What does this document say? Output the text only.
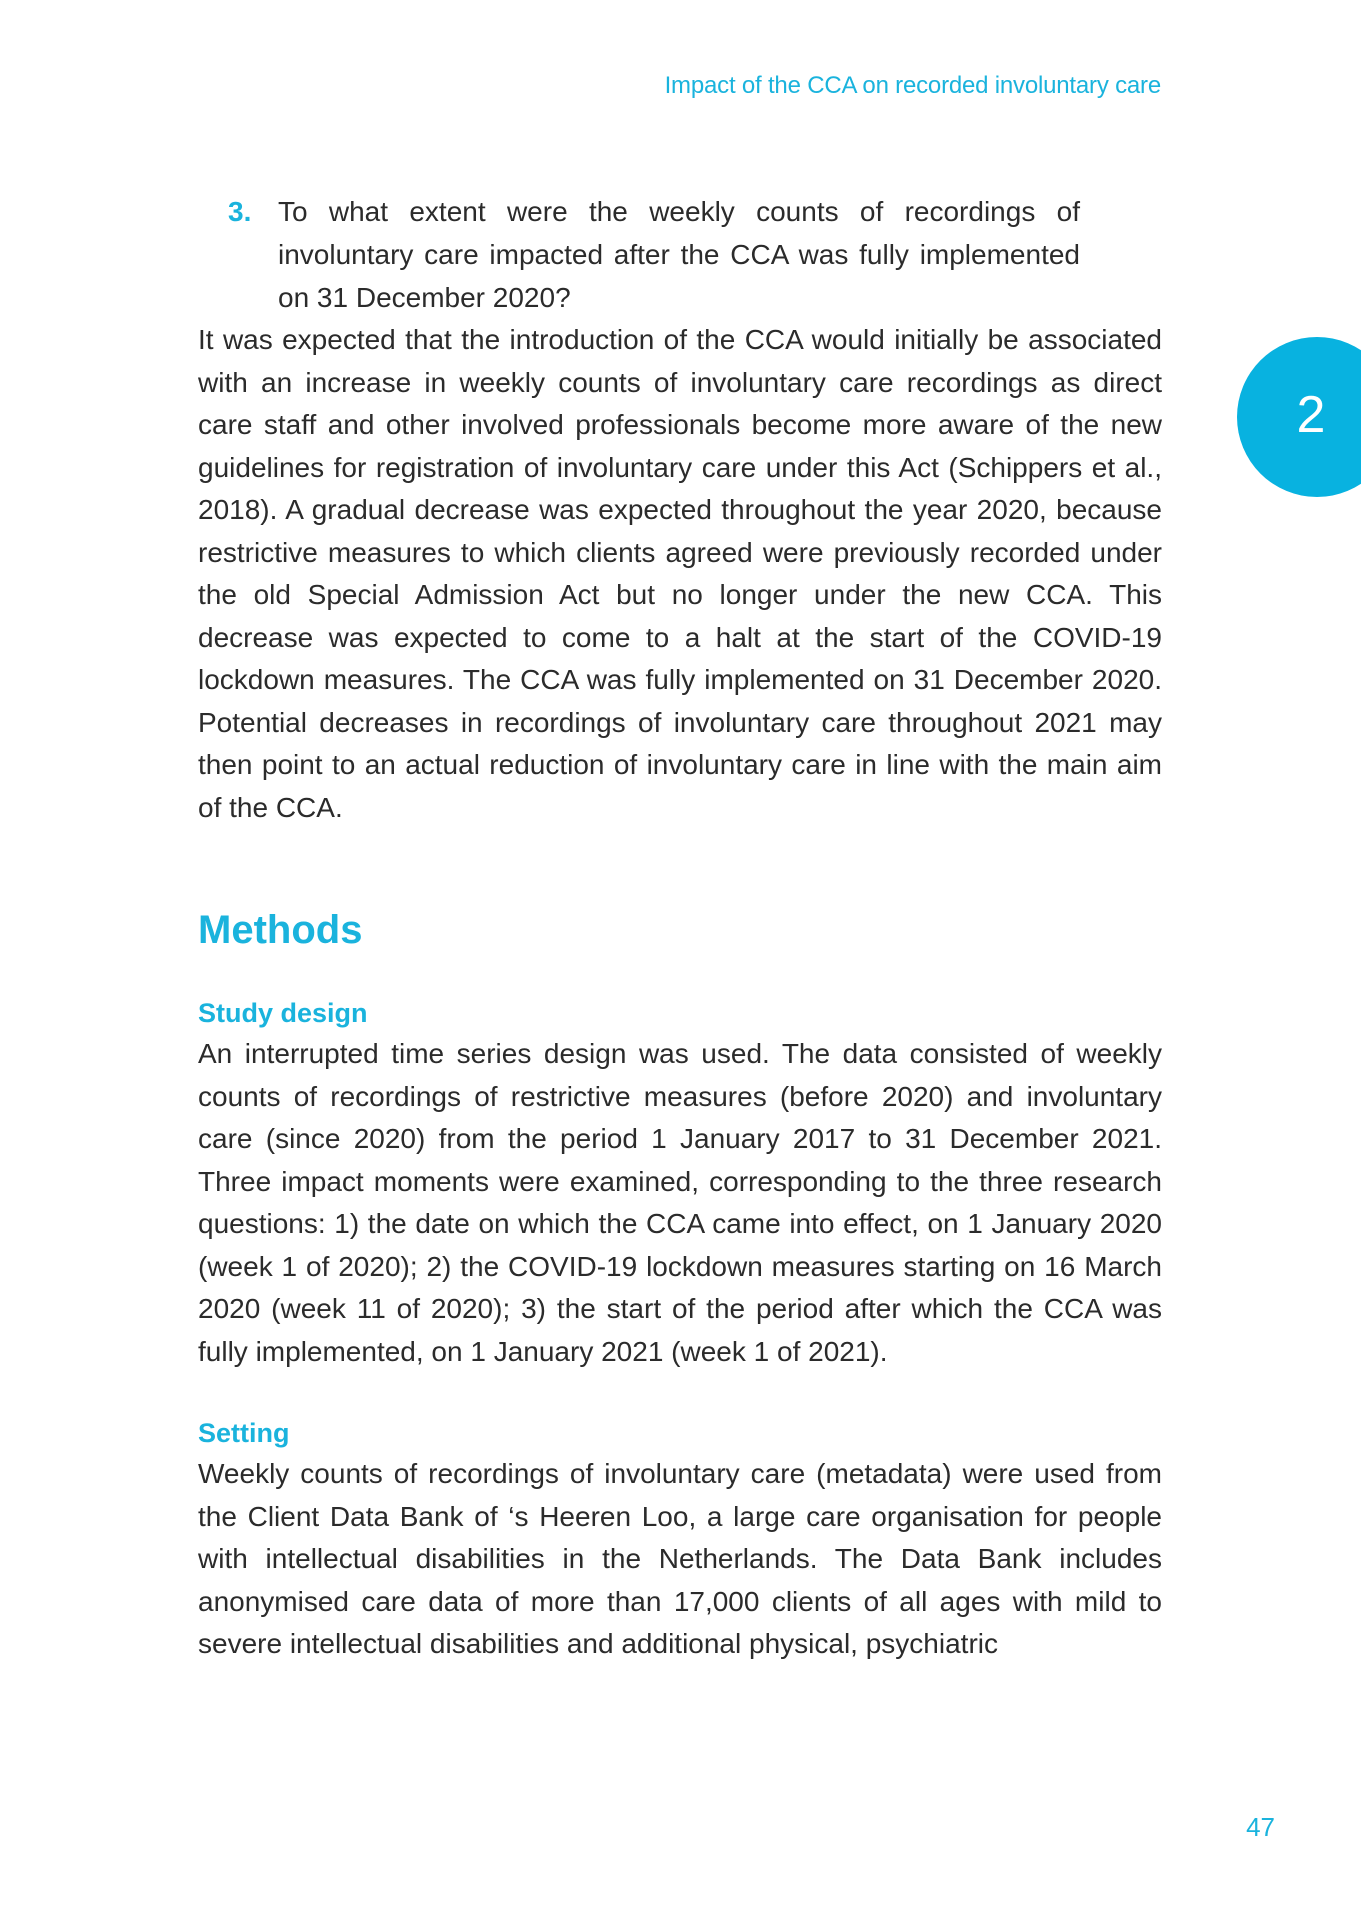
Impact of the CCA on recorded involuntary care
2
3. To what extent were the weekly counts of recordings of involuntary care impacted after the CCA was fully implemented on 31 December 2020?

It was expected that the introduction of the CCA would initially be associated with an increase in weekly counts of involuntary care recordings as direct care staff and other involved professionals become more aware of the new guidelines for registration of involuntary care under this Act (Schippers et al., 2018). A gradual decrease was expected throughout the year 2020, because restrictive measures to which clients agreed were previously recorded under the old Special Admission Act but no longer under the new CCA. This decrease was expected to come to a halt at the start of the COVID-19 lockdown measures. The CCA was fully implemented on 31 December 2020. Potential decreases in recordings of involuntary care throughout 2021 may then point to an actual reduction of involuntary care in line with the main aim of the CCA.

Methods
Study design

An interrupted time series design was used. The data consisted of weekly counts of recordings of restrictive measures (before 2020) and involuntary care (since 2020) from the period 1 January 2017 to 31 December 2021. Three impact moments were examined, corresponding to the three research questions: 1) the date on which the CCA came into effect, on 1 January 2020 (week 1 of 2020); 2) the COVID-19 lockdown measures starting on 16 March 2020 (week 11 of 2020); 3) the start of the period after which the CCA was fully implemented, on 1 January 2021 (week 1 of 2021).

Setting

Weekly counts of recordings of involuntary care (metadata) were used from the Client Data Bank of ‘s Heeren Loo, a large care organisation for people with intellectual disabilities in the Netherlands. The Data Bank includes anonymised care data of more than 17,000 clients of all ages with mild to severe intellectual disabilities and additional physical, psychiatric

47
